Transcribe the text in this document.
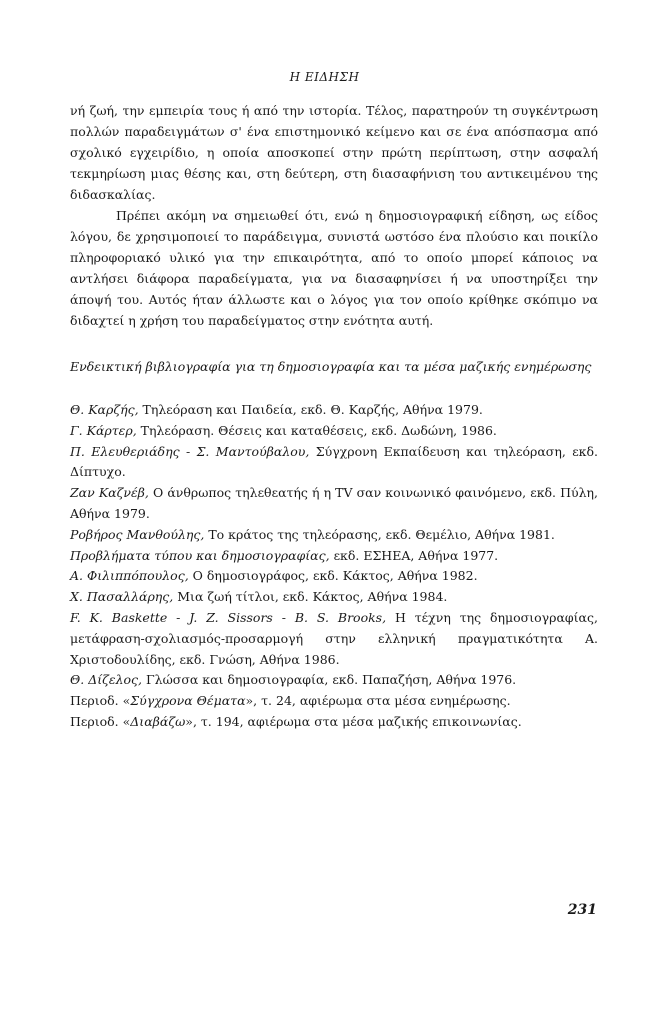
Η ΕΙΔΗΣΗ

νή ζωή, την εμπειρία τους ή από την ιστορία. Τέλος, παρατηρούν τη συγκέντρωση πολλών παραδειγμάτων σ' ένα επιστημονικό κείμενο και σε ένα απόσπασμα από σχολικό εγχειρίδιο, η οποία αποσκοπεί στην πρώτη περίπτωση, στην ασφαλή τεκμηρίωση μιας θέσης και, στη δεύτερη, στη διασαφήνιση του αντικειμένου της διδασκαλίας.

Πρέπει ακόμη να σημειωθεί ότι, ενώ η δημοσιογραφική είδηση, ως είδος λόγου, δε χρησιμοποιεί το παράδειγμα, συνιστά ωστόσο ένα πλούσιο και ποικίλο πληροφοριακό υλικό για την επικαιρότητα, από το οποίο μπορεί κάποιος να αντλήσει διάφορα παραδείγματα, για να διασαφηνίσει ή να υποστηρίξει την άποψή του. Αυτός ήταν άλλωστε και ο λόγος για τον οποίο κρίθηκε σκόπιμο να διδαχτεί η χρήση του παραδείγματος στην ενότητα αυτή.

Ενδεικτική βιβλιογραφία για τη δημοσιογραφία και τα μέσα μαζικής ενημέρωσης
Θ. Καρζής, Τηλεόραση και Παιδεία, εκδ. Θ. Καρζής, Αθήνα 1979.
Γ. Κάρτερ, Τηλεόραση. Θέσεις και καταθέσεις, εκδ. Δωδώνη, 1986.
Π. Ελευθεριάδης - Σ. Μαντούβαλου, Σύγχρονη Εκπαίδευση και τηλεόραση, εκδ. Δίπτυχο.
Ζαν Καζνέβ, Ο άνθρωπος τηλεθεατής ή η TV σαν κοινωνικό φαινόμενο, εκδ. Πύλη, Αθήνα 1979.
Ροβήρος Μανθούλης, Το κράτος της τηλεόρασης, εκδ. Θεμέλιο, Αθήνα 1981.
Προβλήματα τύπου και δημοσιογραφίας, εκδ. ΕΣΗΕΑ, Αθήνα 1977.
Α. Φιλιππόπουλος, Ο δημοσιογράφος, εκδ. Κάκτος, Αθήνα 1982.
Χ. Πασαλλάρης, Μια ζωή τίτλοι, εκδ. Κάκτος, Αθήνα 1984.
F. K. Baskette - J. Z. Sissors - B. S. Brooks, Η τέχνη της δημοσιογραφίας, μετάφραση-σχολιασμός-προσαρμογή στην ελληνική πραγματικότητα Α. Χριστοδουλίδης, εκδ. Γνώση, Αθήνα 1986.
Θ. Δίζελος, Γλώσσα και δημοσιογραφία, εκδ. Παπαζήση, Αθήνα 1976.
Περιοδ. «Σύγχρονα Θέματα», τ. 24, αφιέρωμα στα μέσα ενημέρωσης.
Περιοδ. «Διαβάζω», τ. 194, αφιέρωμα στα μέσα μαζικής επικοινωνίας.
231
